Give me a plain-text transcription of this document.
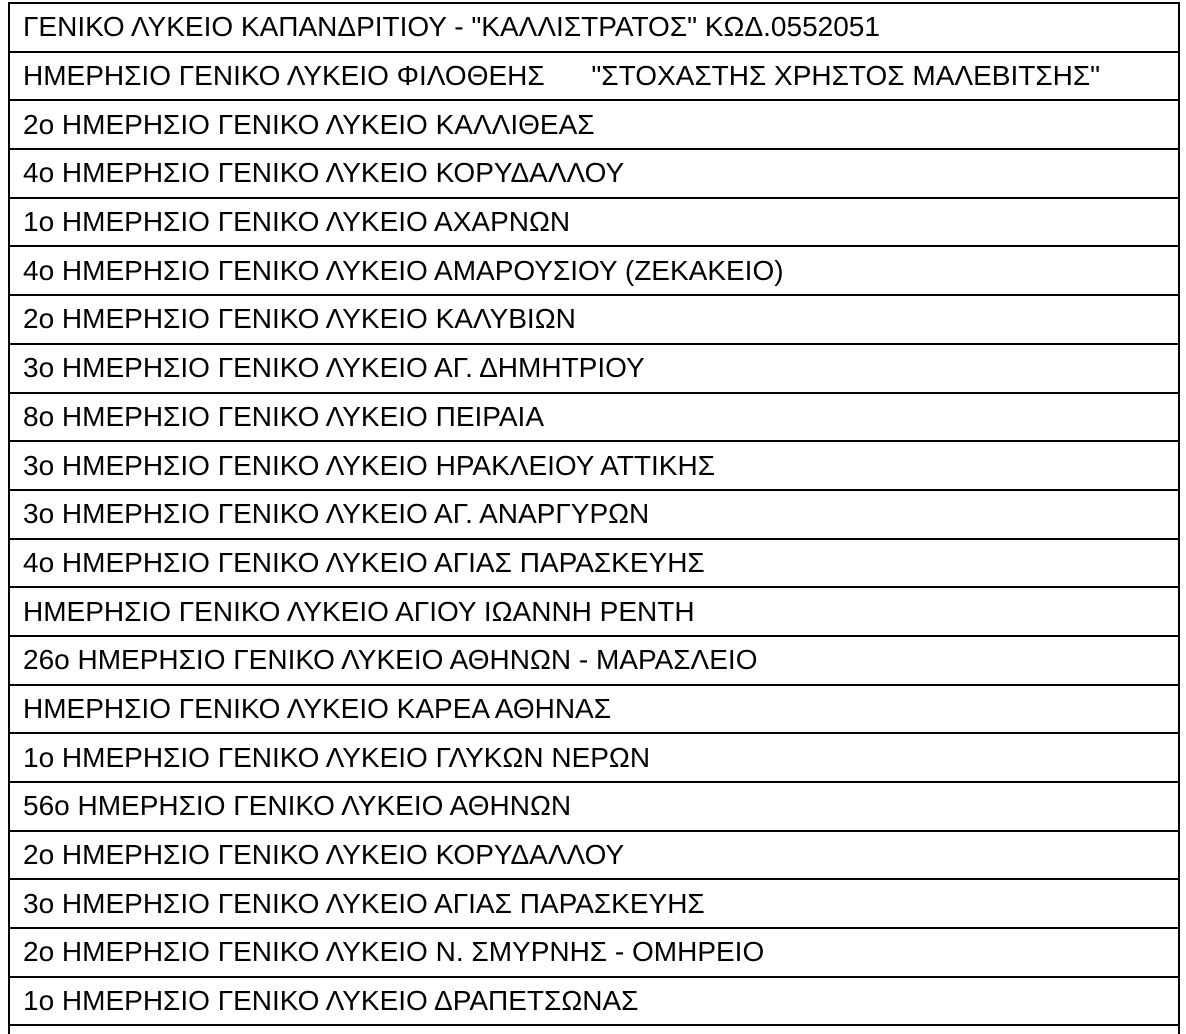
ΓΕΝΙΚΟ ΛΥΚΕΙΟ ΚΑΠΑΝΔΡΙΤΙΟΥ - "ΚΑΛΛΙΣΤΡΑΤΟΣ" ΚΩΔ.0552051
ΗΜΕΡΗΣΙΟ ΓΕΝΙΚΟ ΛΥΚΕΙΟ ΦΙΛΟΘΕΗΣ      "ΣΤΟΧΑΣΤΗΣ ΧΡΗΣΤΟΣ ΜΑΛΕΒΙΤΣΗΣ"
2ο ΗΜΕΡΗΣΙΟ ΓΕΝΙΚΟ ΛΥΚΕΙΟ ΚΑΛΛΙΘΕΑΣ
4ο ΗΜΕΡΗΣΙΟ ΓΕΝΙΚΟ ΛΥΚΕΙΟ ΚΟΡΥΔΑΛΛΟΥ
1ο ΗΜΕΡΗΣΙΟ ΓΕΝΙΚΟ ΛΥΚΕΙΟ ΑΧΑΡΝΩΝ
4ο ΗΜΕΡΗΣΙΟ ΓΕΝΙΚΟ ΛΥΚΕΙΟ ΑΜΑΡΟΥΣΙΟΥ (ΖΕΚΑΚΕΙΟ)
2ο ΗΜΕΡΗΣΙΟ ΓΕΝΙΚΟ ΛΥΚΕΙΟ ΚΑΛΥΒΙΩΝ
3ο ΗΜΕΡΗΣΙΟ ΓΕΝΙΚΟ ΛΥΚΕΙΟ ΑΓ. ΔΗΜΗΤΡΙΟΥ
8ο ΗΜΕΡΗΣΙΟ ΓΕΝΙΚΟ ΛΥΚΕΙΟ ΠΕΙΡΑΙΑ
3ο ΗΜΕΡΗΣΙΟ ΓΕΝΙΚΟ ΛΥΚΕΙΟ ΗΡΑΚΛΕΙΟΥ ΑΤΤΙΚΗΣ
3ο ΗΜΕΡΗΣΙΟ ΓΕΝΙΚΟ ΛΥΚΕΙΟ ΑΓ. ΑΝΑΡΓΥΡΩΝ
4ο ΗΜΕΡΗΣΙΟ ΓΕΝΙΚΟ ΛΥΚΕΙΟ ΑΓΙΑΣ ΠΑΡΑΣΚΕΥΗΣ
ΗΜΕΡΗΣΙΟ ΓΕΝΙΚΟ ΛΥΚΕΙΟ ΑΓΙΟΥ ΙΩΑΝΝΗ ΡΕΝΤΗ
26ο ΗΜΕΡΗΣΙΟ ΓΕΝΙΚΟ ΛΥΚΕΙΟ ΑΘΗΝΩΝ - ΜΑΡΑΣΛΕΙΟ
ΗΜΕΡΗΣΙΟ ΓΕΝΙΚΟ ΛΥΚΕΙΟ ΚΑΡΕΑ ΑΘΗΝΑΣ
1ο ΗΜΕΡΗΣΙΟ ΓΕΝΙΚΟ ΛΥΚΕΙΟ ΓΛΥΚΩΝ ΝΕΡΩΝ
56ο ΗΜΕΡΗΣΙΟ ΓΕΝΙΚΟ ΛΥΚΕΙΟ ΑΘΗΝΩΝ
2ο ΗΜΕΡΗΣΙΟ ΓΕΝΙΚΟ ΛΥΚΕΙΟ ΚΟΡΥΔΑΛΛΟΥ
3ο ΗΜΕΡΗΣΙΟ ΓΕΝΙΚΟ ΛΥΚΕΙΟ ΑΓΙΑΣ ΠΑΡΑΣΚΕΥΗΣ
2ο ΗΜΕΡΗΣΙΟ ΓΕΝΙΚΟ ΛΥΚΕΙΟ Ν. ΣΜΥΡΝΗΣ - ΟΜΗΡΕΙΟ
1ο ΗΜΕΡΗΣΙΟ ΓΕΝΙΚΟ ΛΥΚΕΙΟ ΔΡΑΠΕΤΣΩΝΑΣ
